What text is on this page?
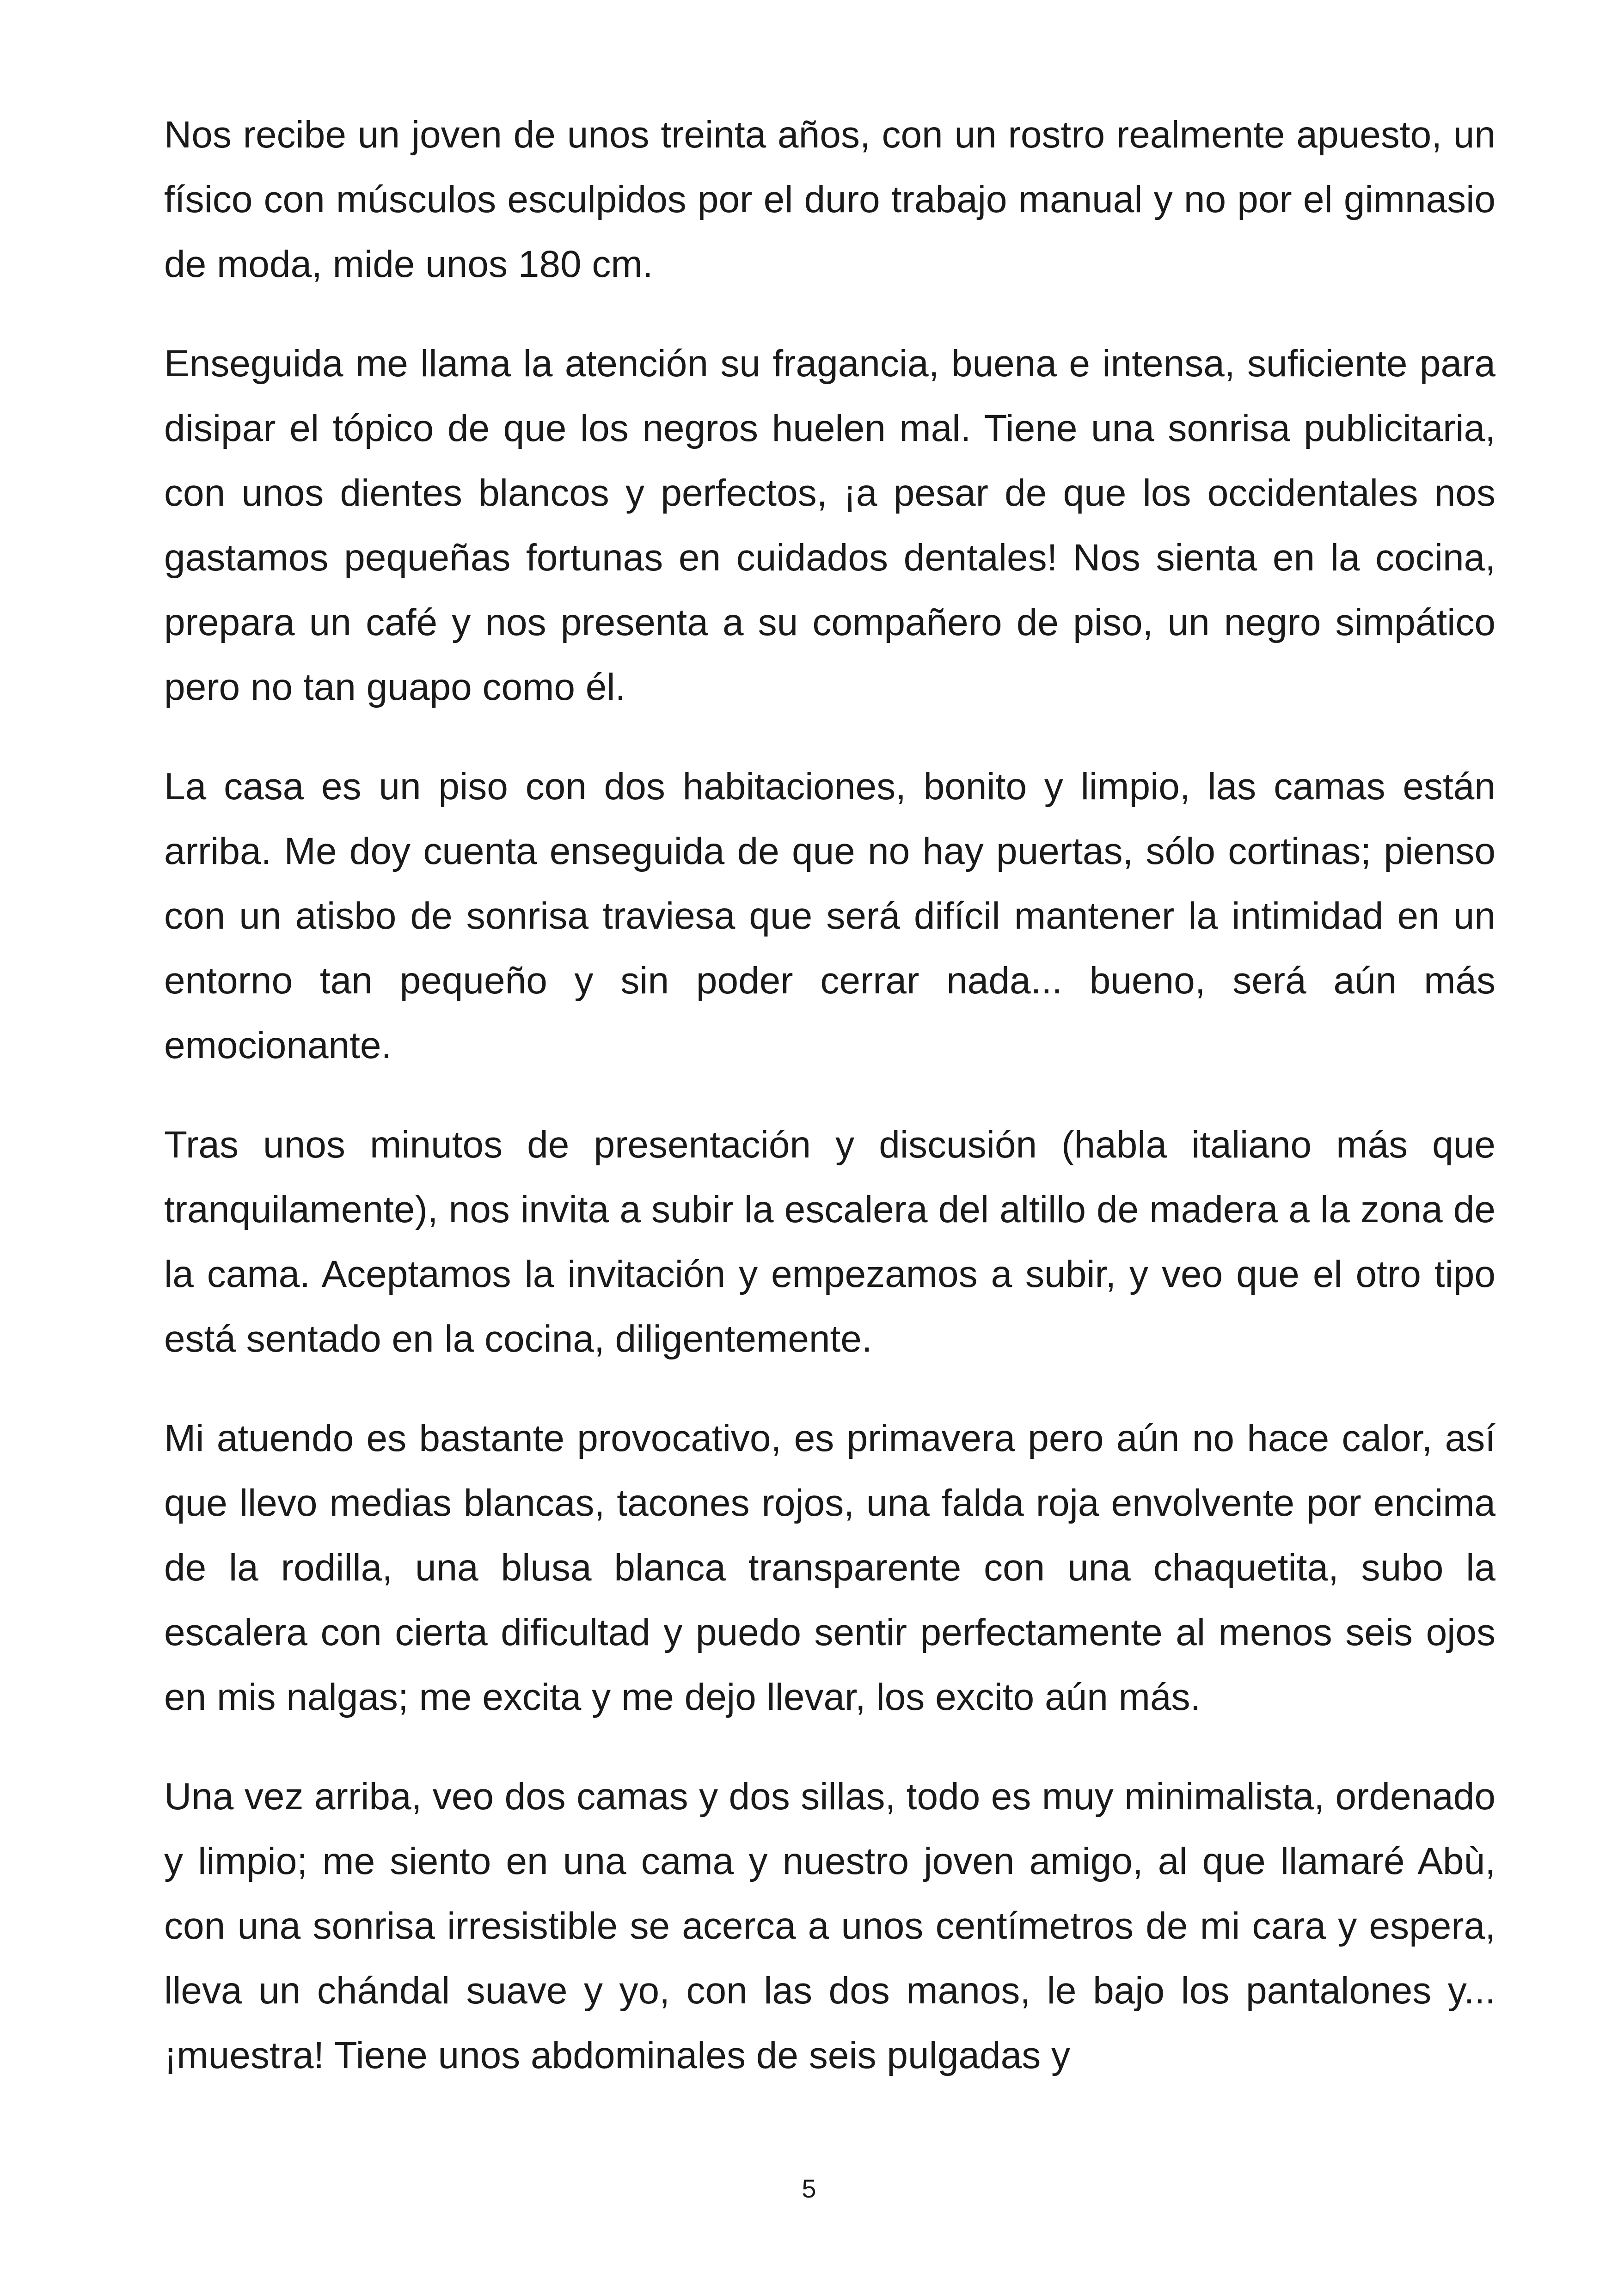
Nos recibe un joven de unos treinta años, con un rostro realmente apuesto, un físico con músculos esculpidos por el duro trabajo manual y no por el gimnasio de moda, mide unos 180 cm.

Enseguida me llama la atención su fragancia, buena e intensa, suficiente para disipar el tópico de que los negros huelen mal. Tiene una sonrisa publicitaria, con unos dientes blancos y perfectos, ¡a pesar de que los occidentales nos gastamos pequeñas fortunas en cuidados dentales! Nos sienta en la cocina, prepara un café y nos presenta a su compañero de piso, un negro simpático pero no tan guapo como él.

La casa es un piso con dos habitaciones, bonito y limpio, las camas están arriba. Me doy cuenta enseguida de que no hay puertas, sólo cortinas; pienso con un atisbo de sonrisa traviesa que será difícil mantener la intimidad en un entorno tan pequeño y sin poder cerrar nada... bueno, será aún más emocionante.

Tras unos minutos de presentación y discusión (habla italiano más que tranquilamente), nos invita a subir la escalera del altillo de madera a la zona de la cama. Aceptamos la invitación y empezamos a subir, y veo que el otro tipo está sentado en la cocina, diligentemente.

Mi atuendo es bastante provocativo, es primavera pero aún no hace calor, así que llevo medias blancas, tacones rojos, una falda roja envolvente por encima de la rodilla, una blusa blanca transparente con una chaquetita, subo la escalera con cierta dificultad y puedo sentir perfectamente al menos seis ojos en mis nalgas; me excita y me dejo llevar, los excito aún más.

Una vez arriba, veo dos camas y dos sillas, todo es muy minimalista, ordenado y limpio; me siento en una cama y nuestro joven amigo, al que llamaré Abù, con una sonrisa irresistible se acerca a unos centímetros de mi cara y espera, lleva un chándal suave y yo, con las dos manos, le bajo los pantalones y... ¡muestra! Tiene unos abdominales de seis pulgadas y

5
